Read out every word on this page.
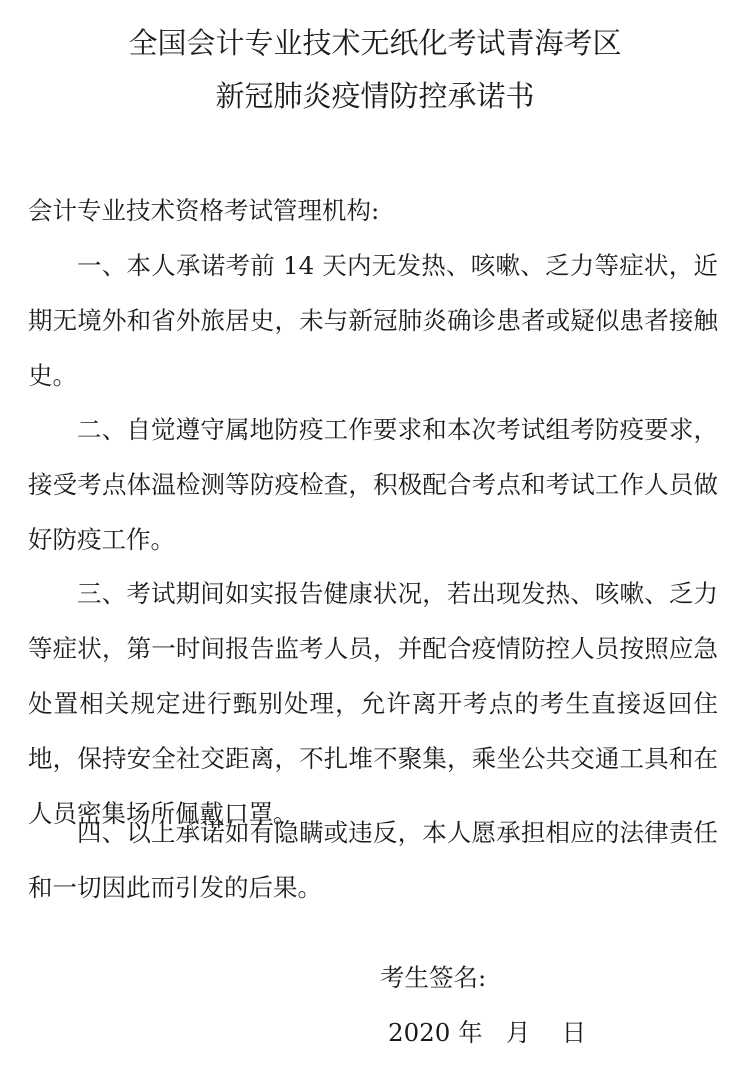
全国会计专业技术无纸化考试青海考区
新冠肺炎疫情防控承诺书

会计专业技术资格考试管理机构:

一、本人承诺考前 14 天内无发热、咳嗽、乏力等症状，近期无境外和省外旅居史，未与新冠肺炎确诊患者或疑似患者接触史。

二、自觉遵守属地防疫工作要求和本次考试组考防疫要求，接受考点体温检测等防疫检查，积极配合考点和考试工作人员做好防疫工作。

三、考试期间如实报告健康状况，若出现发热、咳嗽、乏力等症状，第一时间报告监考人员，并配合疫情防控人员按照应急处置相关规定进行甄别处理，允许离开考点的考生直接返回住地，保持安全社交距离，不扎堆不聚集，乘坐公共交通工具和在人员密集场所佩戴口罩。

四、以上承诺如有隐瞒或违反，本人愿承担相应的法律责任和一切因此而引发的后果。

考生签名:
2020 年   月    日
